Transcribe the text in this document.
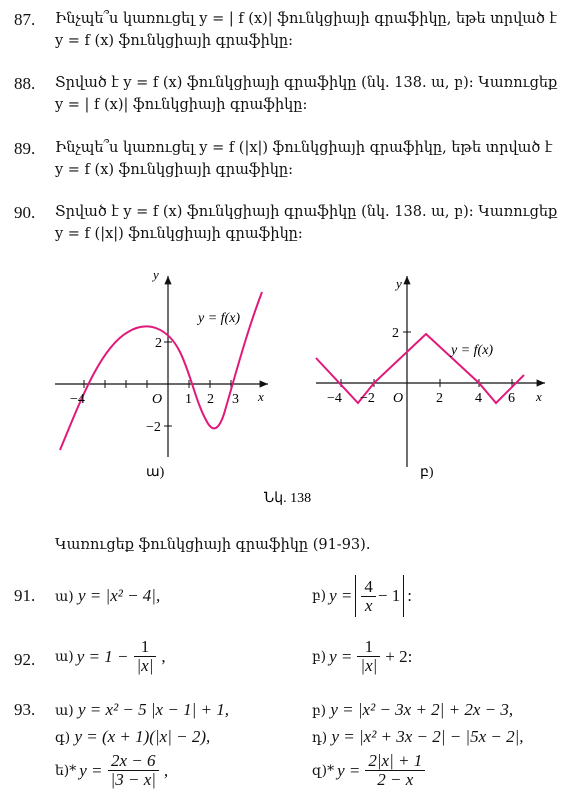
87. Ինչպե՞ս կառուցել y = | f (x)| ֆունկցիայի գրաֆիկը, եթե տրված է
y = f (x) ֆունկցիայի գրաֆիկը:
88. Տրված է y = f (x) ֆունկցիայի գրաֆիկը (նկ. 138. ա, բ): Կառուցեք
y = | f (x)| ֆունկցիայի գրաֆիկը:
89. Ինչպե՞ս կառուցել y = f (|x|) ֆունկցիայի գրաֆիկը, եթե տրված է
y = f (x) ֆունկցիայի գրաֆիկը:
90. Տրված է y = f (x) ֆունկցիայի գրաֆիկը (նկ. 138. ա, բ): Կառուցեք
y = f (|x|) ֆունկցիայի գրաֆիկը:
y
x
O
−4	1 2 3
2
−2
y = f(x)
ա)
y
x
O
−4 −2	2 4 6
2
y = f(x)
բ)
Նկ. 138
Կառուցեք ֆունկցիայի գրաֆիկը (91-93).
91. ա) y = |x² − 4|,	բ) $y = \frac{4}{x} - 1$ :
92. ա) $y = 1 - \frac{1}{|x|}$ ,	բ) $y = \frac{1}{|x|} + 2$:
93. ա) y = x² − 5 |x − 1| + 1,	բ) y = |x² − 3x + 2| + 2x − 3,
գ) y = (x + 1)(|x| − 2),	դ) y = |x² + 3x − 2| − |5x − 2|,
ե)* $y = \frac{2x - 6}{|3 - x|}$ ,	զ)* $y = \frac{2|x| + 1}{2 - x}$
